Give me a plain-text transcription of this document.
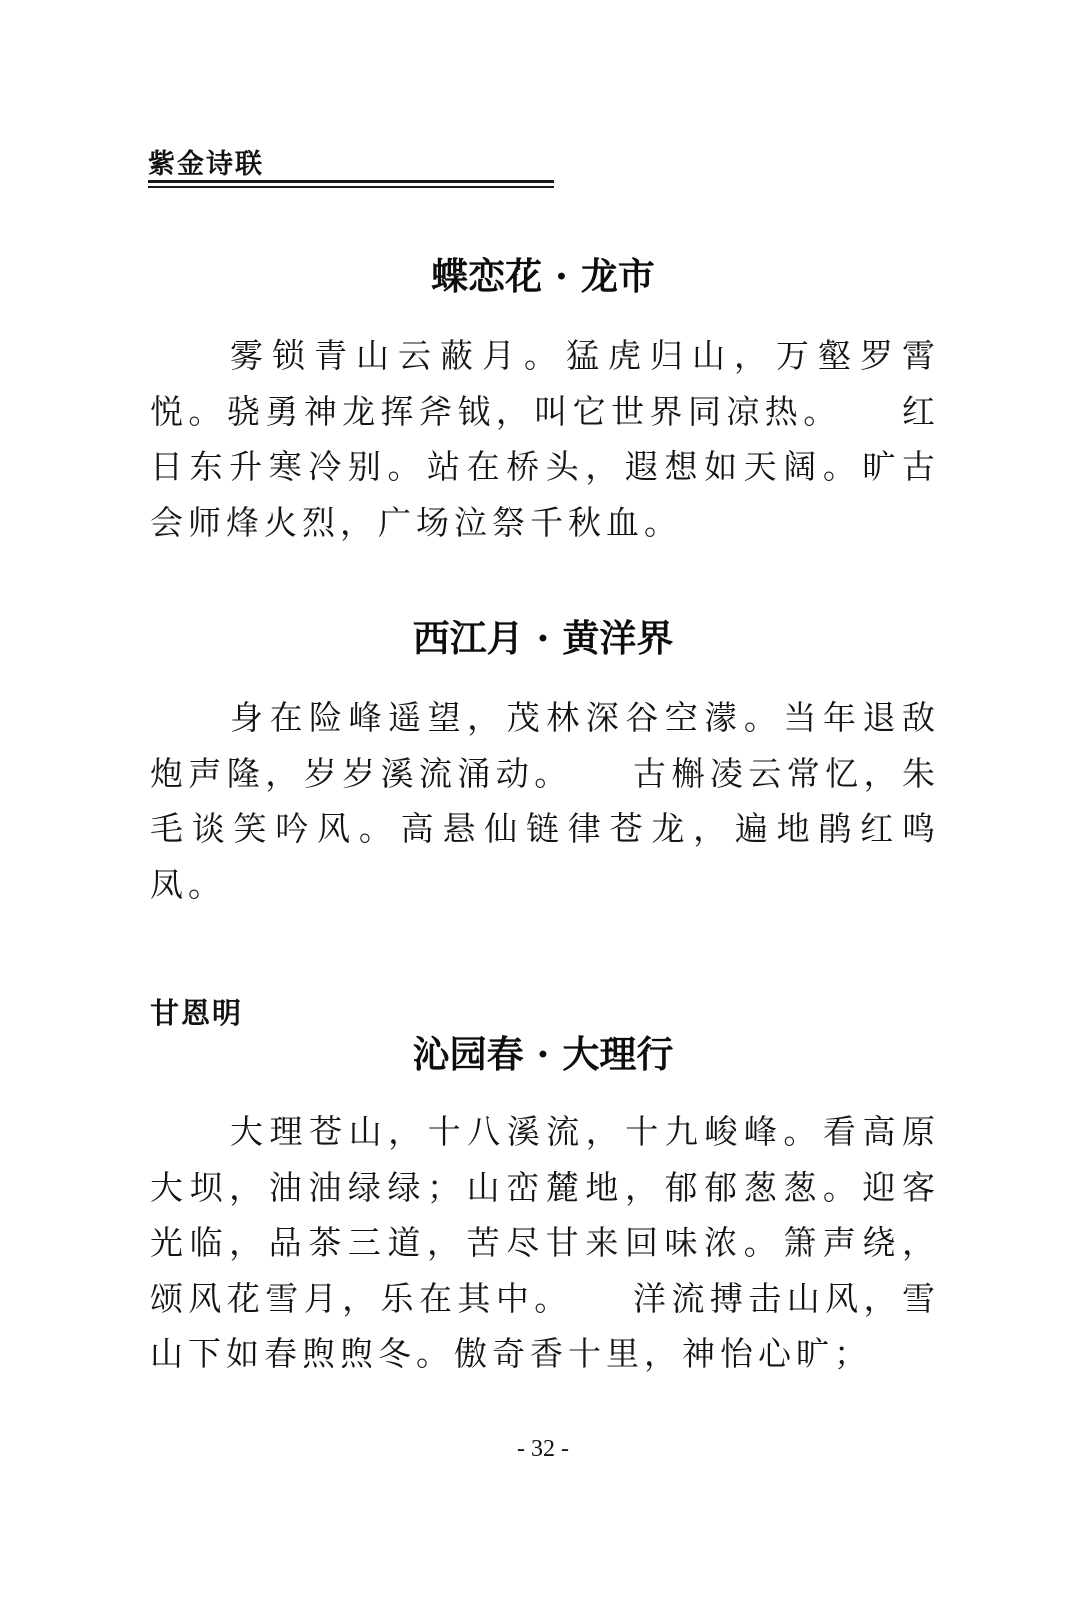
紫金诗联
蝶恋花 · 龙市

雾锁青山云蔽月。猛虎归山，万壑罗霄悦。骁勇神龙挥斧钺，叫它世界同凉热。　　红日东升寒冷别。站在桥头，遐想如天阔。旷古会师烽火烈，广场泣祭千秋血。

西江月 · 黄洋界

身在险峰遥望，茂林深谷空濛。当年退敌炮声隆，岁岁溪流涌动。　　古槲凌云常忆，朱毛谈笑吟风。高悬仙链律苍龙，遍地鹃红鸣凤。

甘恩明
沁园春 · 大理行

大理苍山，十八溪流，十九峻峰。看高原大坝，油油绿绿；山峦麓地，郁郁葱葱。迎客光临，品茶三道，苦尽甘来回味浓。箫声绕，颂风花雪月，乐在其中。　　洋流搏击山风，雪山下如春煦煦冬。傲奇香十里，神怡心旷；

- 32 -
